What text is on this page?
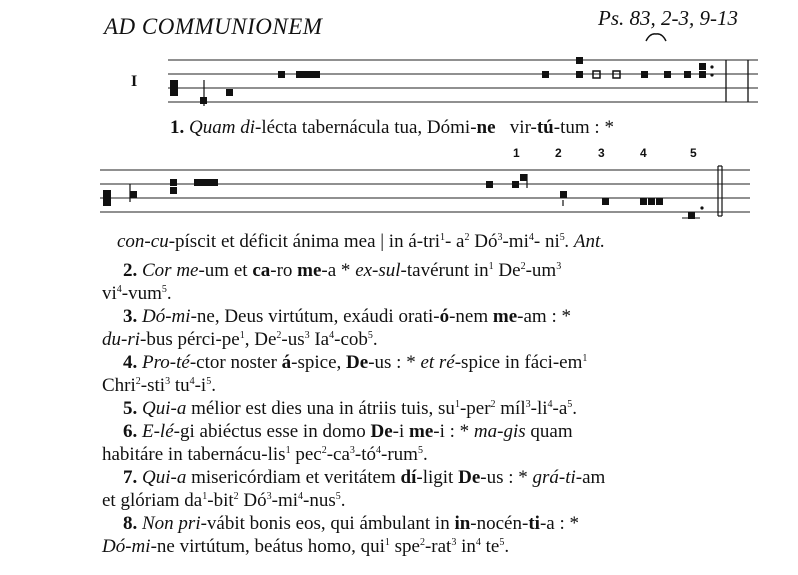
AD COMMUNIONEM	Ps. 83, 2-3, 9-13
I
1. Quam di-lécta tabernácula tua, Dómi-ne vir-tú-tum : *
1	2	3	4	5
con-cu-píscit et déficit ánima mea | in á-tri$^1$- $a^2$ $Dó^3-mi^4-$ $ni^5$. Ant.
2. Cor me-um et ca-ro me-a * ex-sul-tavérunt $in^1$ $De^2-um^3$
$vi^4-vum^5$.
3. Dó-mi-ne, Deus virtútum, exáudi orati-ó-nem me-am : *
du-ri-bus pérci-$pe^1$, $De^2-us^3$ Ia$^4$-cob$^5$.
4. Pro-té-ctor noster á-spice, De-us : * et ré-spice in fáci-$em^1$
Chri$^2$-sti$^3$ $tu^4-i^5$.
5. Qui-a mélior est dies una in átriis tuis, $su^1-per^2$ $míl^3-li^4-a^5$.
6. E-lé-gi abiéctus esse in domo De-i me-i : * ma-gis quam
habitáre in tabernácu-lis$^1$ $pec^2-ca^3-tó^4-rum^5$.
7. Qui-a misericórdiam et veritátem dí-ligit De-us : * grá-ti-am
et glóriam $da^1-bit^2$ $Dó^3-mi^4-nus^5$.
8. Non pri-vábit bonis eos, qui ámbulant in in-nocén-ti-a : *
Dó-mi-ne virtútum, beátus homo, qui$^1$ spe$^2$-rat$^3$ $in^4$ $te^5$.
